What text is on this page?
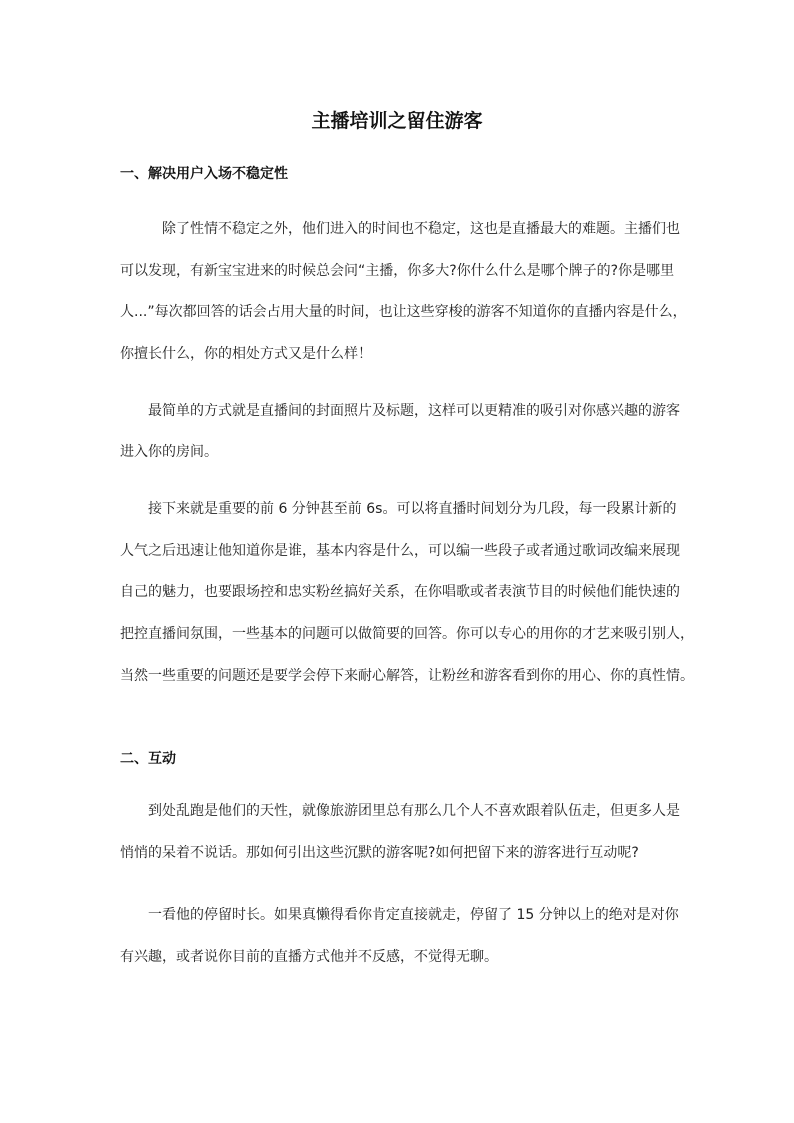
主播培训之留住游客
一、解决用户入场不稳定性
除了性情不稳定之外，他们进入的时间也不稳定，这也是直播最大的难题。主播们也
可以发现，有新宝宝进来的时候总会问“主播，你多大?你什么什么是哪个牌子的?你是哪里
人...”每次都回答的话会占用大量的时间，也让这些穿梭的游客不知道你的直播内容是什么，
你擅长什么，你的相处方式又是什么样！
最简单的方式就是直播间的封面照片及标题，这样可以更精准的吸引对你感兴趣的游客
进入你的房间。
接下来就是重要的前 6 分钟甚至前 6s。可以将直播时间划分为几段，每一段累计新的
人气之后迅速让他知道你是谁，基本内容是什么，可以编一些段子或者通过歌词改编来展现
自己的魅力，也要跟场控和忠实粉丝搞好关系，在你唱歌或者表演节目的时候他们能快速的
把控直播间氛围，一些基本的问题可以做简要的回答。你可以专心的用你的才艺来吸引别人，
当然一些重要的问题还是要学会停下来耐心解答，让粉丝和游客看到你的用心、你的真性情。
二、互动
到处乱跑是他们的天性，就像旅游团里总有那么几个人不喜欢跟着队伍走，但更多人是
悄悄的呆着不说话。那如何引出这些沉默的游客呢?如何把留下来的游客进行互动呢?
一看他的停留时长。如果真懒得看你肯定直接就走，停留了 15 分钟以上的绝对是对你
有兴趣，或者说你目前的直播方式他并不反感，不觉得无聊。
